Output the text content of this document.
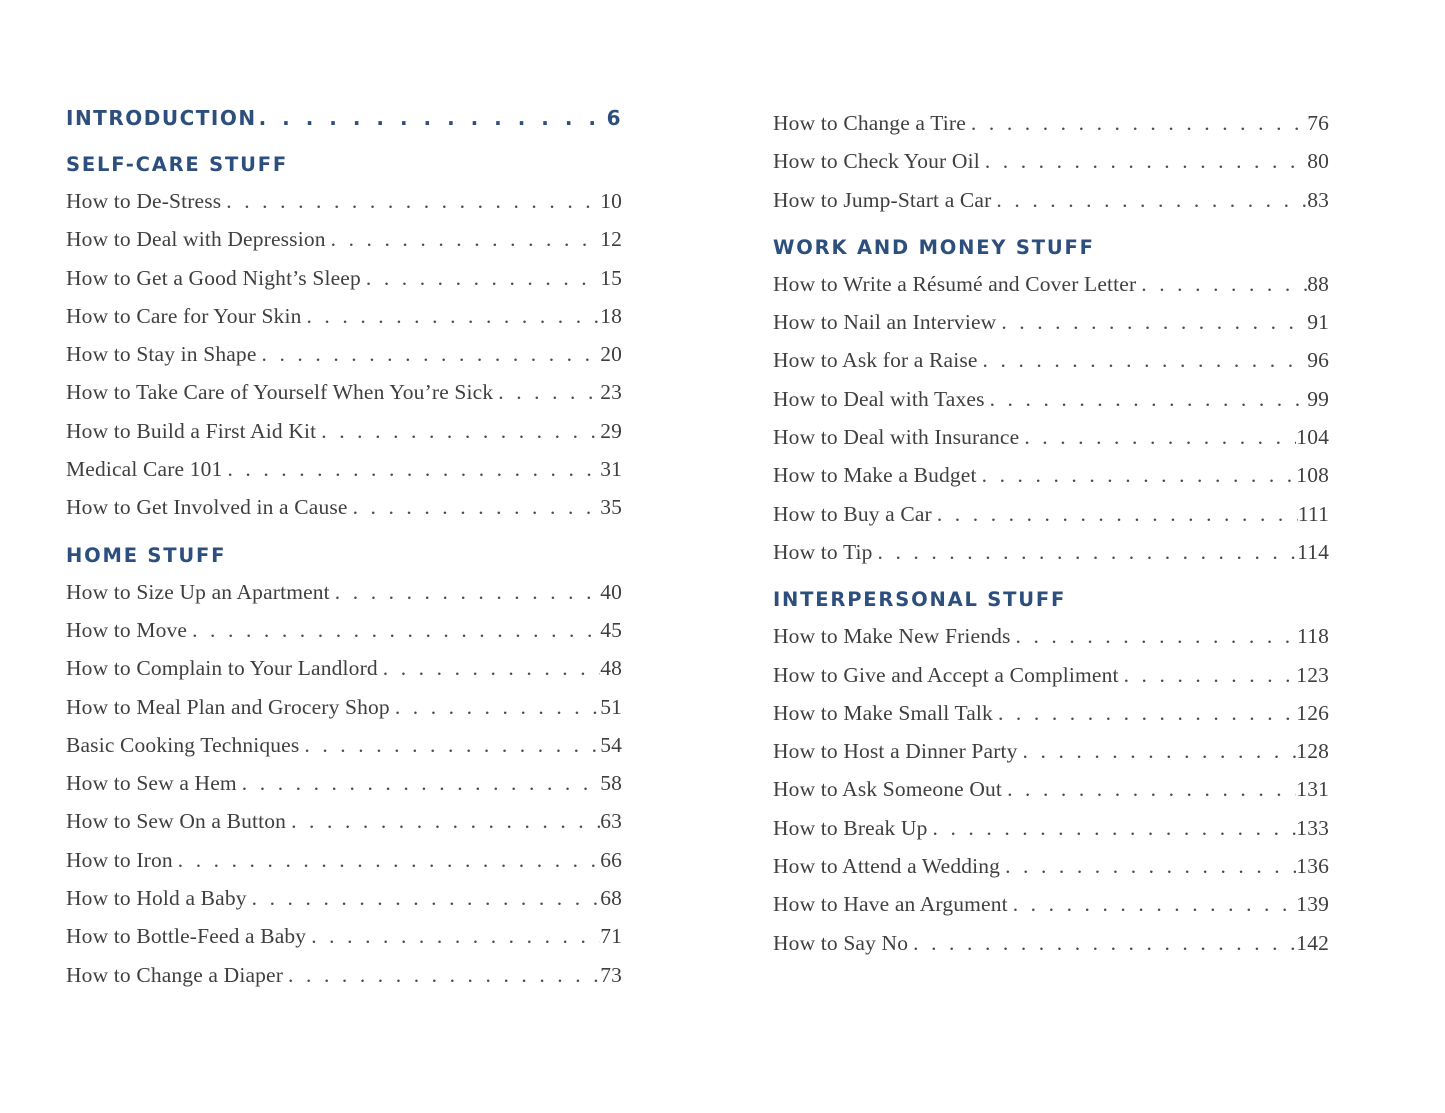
INTRODUCTION . . .	6
SELF-CARE STUFF
How to De-Stress . . .	10
How to Deal with Depression . . .	12
How to Get a Good Night’s Sleep . . .	15
How to Care for Your Skin . . .	18
How to Stay in Shape . . .	20
How to Take Care of Yourself When You’re Sick . . .	23
How to Build a First Aid Kit . . .	29
Medical Care 101 . . .	31
How to Get Involved in a Cause . . .	35
HOME STUFF
How to Size Up an Apartment . . .	40
How to Move . . .	45
How to Complain to Your Landlord . . .	48
How to Meal Plan and Grocery Shop . . .	51
Basic Cooking Techniques . . .	54
How to Sew a Hem . . .	58
How to Sew On a Button . . .	63
How to Iron . . .	66
How to Hold a Baby . . .	68
How to Bottle-Feed a Baby . . .	71
How to Change a Diaper . . .	73
How to Change a Tire . . .	76
How to Check Your Oil . . .	80
How to Jump-Start a Car . . .	83
WORK AND MONEY STUFF
How to Write a Résumé and Cover Letter . . .	88
How to Nail an Interview . . .	91
How to Ask for a Raise . . .	96
How to Deal with Taxes . . .	99
How to Deal with Insurance . . .	104
How to Make a Budget . . .	108
How to Buy a Car . . .	111
How to Tip . . .	114
INTERPERSONAL STUFF
How to Make New Friends . . .	118
How to Give and Accept a Compliment . . .	123
How to Make Small Talk . . .	126
How to Host a Dinner Party . . .	128
How to Ask Someone Out . . .	131
How to Break Up . . .	133
How to Attend a Wedding . . .	136
How to Have an Argument . . .	139
How to Say No . . .	142
